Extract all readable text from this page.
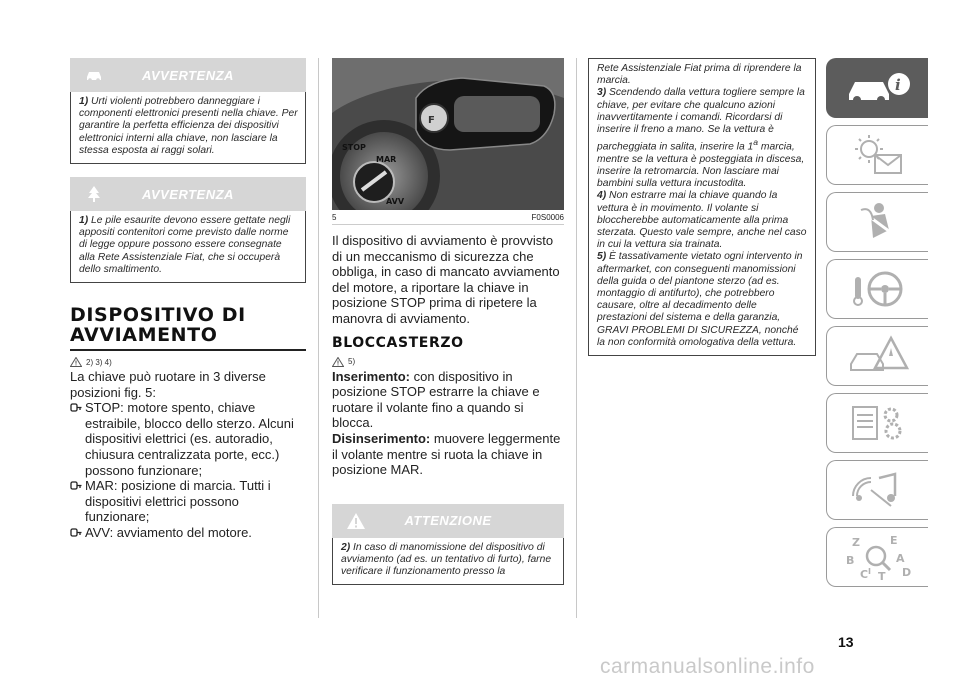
AVVERTENZA
1) Urti violenti potrebbero danneggiare i componenti elettronici presenti nella chiave. Per garantire la perfetta efficienza dei dispositivi elettronici interni alla chiave, non lasciare la stessa esposta ai raggi solari.
AVVERTENZA
1) Le pile esaurite devono essere gettate negli appositi contenitori come previsto dalle norme di legge oppure possono essere consegnate alla Rete Assistenziale Fiat, che si occuperà dello smaltimento.
DISPOSITIVO DI
AVVIAMENTO
2) 3) 4)
La chiave può ruotare in 3 diverse posizioni fig. 5:
STOP: motore spento, chiave estraibile, blocco dello sterzo. Alcuni dispositivi elettrici (es. autoradio, chiusura centralizzata porte, ecc.) possono funzionare;
MAR: posizione di marcia. Tutti i dispositivi elettrici possono funzionare;
AVV: avviamento del motore.
F
STOP
MAR
AVV
5	F0S0006
Il dispositivo di avviamento è provvisto di un meccanismo di sicurezza che obbliga, in caso di mancato avviamento del motore, a riportare la chiave in posizione STOP prima di ripetere la manovra di avviamento.
BLOCCASTERZO
5)
Inserimento: con dispositivo in posizione STOP estrarre la chiave e ruotare il volante fino a quando si blocca.
Disinserimento: muovere leggermente il volante mentre si ruota la chiave in posizione MAR.
ATTENZIONE
2) In caso di manomissione del dispositivo di avviamento (ad es. un tentativo di furto), farne verificare il funzionamento presso la
Rete Assistenziale Fiat prima di riprendere la marcia.
3) Scendendo dalla vettura togliere sempre la chiave, per evitare che qualcuno azioni inavvertitamente i comandi. Ricordarsi di inserire il freno a mano. Se la vettura è parcheggiata in salita, inserire la 1$^a$ marcia, mentre se la vettura è posteggiata in discesa, inserire la retromarcia. Non lasciare mai bambini sulla vettura incustodita.
4) Non estrarre mai la chiave quando la vettura è in movimento. Il volante si bloccherebbe automaticamente alla prima sterzata. Questo vale sempre, anche nel caso in cui la vettura sia trainata.
5) È tassativamente vietato ogni intervento in aftermarket, con conseguenti manomissioni della guida o del piantone sterzo (ad es. montaggio di antifurto), che potrebbero causare, oltre al decadimento delle prestazioni del sistema e della garanzia, GRAVI PROBLEMI DI SICUREZZA, nonché la non conformità omologativa della vettura.
i
Z	E
B	A
C	D
T
I
13
carmanualsonline.info
